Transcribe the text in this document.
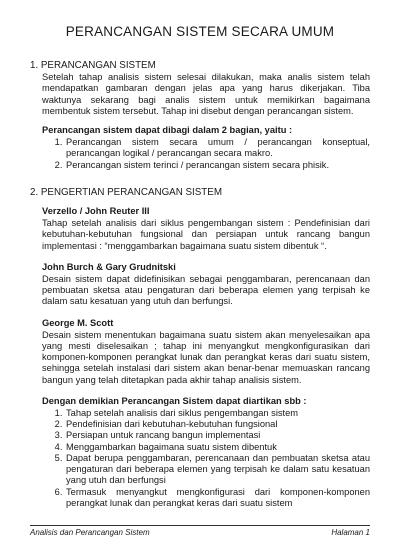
PERANCANGAN SISTEM SECARA UMUM
1. PERANCANGAN SISTEM

Setelah tahap analisis sistem selesai dilakukan, maka analis sistem telah mendapatkan gambaran dengan jelas apa yang harus dikerjakan. Tiba waktunya sekarang bagi analis sistem untuk memikirkan bagaimana membentuk sistem tersebut. Tahap ini disebut dengan perancangan sistem.

Perancangan sistem dapat dibagi dalam 2 bagian, yaitu :
1. Perancangan sistem secara umum / perancangan konseptual, perancangan logikal / perancangan secara makro.
2. Perancangan sistem terinci / perancangan sistem secara phisik.
2. PENGERTIAN PERANCANGAN SISTEM
Verzello / John Reuter III

Tahap setelah analisis dari siklus pengembangan sistem : Pendefinisian dari kebutuhan-kebutuhan fungsional dan persiapan untuk rancang bangun implementasi : “menggambarkan bagaimana suatu sistem dibentuk “.

John Burch & Gary Grudnitski

Desain sistem dapat didefinisikan sebagai penggambaran, perencanaan dan pembuatan sketsa atau pengaturan dari beberapa elemen yang terpisah ke dalam satu kesatuan yang utuh dan berfungsi.

George M. Scott

Desain sistem menentukan bagaimana suatu sistem akan menyelesaikan apa yang mesti diselesaikan ; tahap ini menyangkut mengkonfigurasikan dari komponen-komponen perangkat lunak dan perangkat keras dari suatu sistem, sehingga setelah instalasi dari sistem akan benar-benar memuaskan rancang bangun yang telah ditetapkan pada akhir tahap analisis sistem.

Dengan demikian Perancangan Sistem dapat diartikan sbb :
1. Tahap setelah analisis dari siklus pengembangan sistem
2. Pendefinisian dari kebutuhan-kebutuhan fungsional
3. Persiapan untuk rancang bangun implementasi
4. Menggambarkan bagaimana suatu sistem dibentuk
5. Dapat berupa penggambaran, perencanaan dan pembuatan sketsa atau pengaturan dari beberapa elemen yang terpisah ke dalam satu kesatuan yang utuh dan berfungsi
6. Termasuk menyangkut mengkonfigurasi dari komponen-komponen perangkat lunak dan perangkat keras dari suatu sistem
Analisis dan Perancangan Sistem	Halaman 1
